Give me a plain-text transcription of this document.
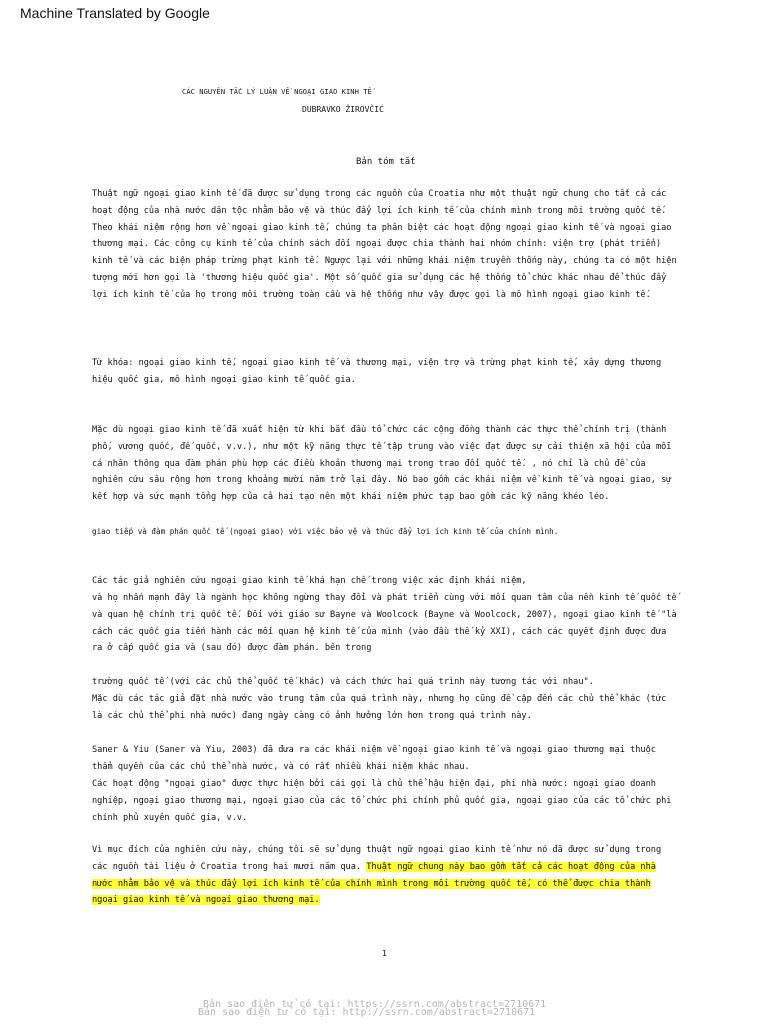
Machine Translated by Google
CÁC NGUYÊN TẮC LÝ LUẬN VỀ NGOẠI GIAO KINH TẾ
DUBRAVKO ŽIROVČIĆ
Bản tóm tắt

Thuật ngữ ngoại giao kinh tế đã được sử dụng trong các nguồn của Croatia như một thuật ngữ chung cho tất cả các hoạt động của nhà nước dân tộc nhằm bảo vệ và thúc đẩy lợi ích kinh tế của chính mình trong môi trường quốc tế. Theo khái niệm rộng hơn về ngoại giao kinh tế, chúng ta phân biệt các hoạt động ngoại giao kinh tế và ngoại giao thương mại. Các công cụ kinh tế của chính sách đối ngoại được chia thành hai nhóm chính: viện trợ (phát triển) kinh tế và các biện pháp trừng phạt kinh tế. Ngược lại với những khái niệm truyền thống này, chúng ta có một hiện tượng mới hơn gọi là 'thương hiệu quốc gia'. Một số quốc gia sử dụng các hệ thống tổ chức khác nhau để thúc đẩy lợi ích kinh tế của họ trong môi trường toàn cầu và hệ thống như vậy được gọi là mô hình ngoại giao kinh tế.

Từ khóa: ngoại giao kinh tế, ngoại giao kinh tế và thương mại, viện trợ và trừng phạt kinh tế, xây dựng thương hiệu quốc gia, mô hình ngoại giao kinh tế quốc gia.

Mặc dù ngoại giao kinh tế đã xuất hiện từ khi bắt đầu tổ chức các cộng đồng thành các thực thể chính trị (thành phố, vương quốc, đế quốc, v.v.), như một kỹ năng thực tế tập trung vào việc đạt được sự cải thiện xã hội của mỗi cá nhân thông qua đàm phán phù hợp các điều khoản thương mại trong trao đổi quốc tế. , nó chỉ là chủ đề của nghiên cứu sâu rộng hơn trong khoảng mười năm trở lại đây. Nó bao gồm các khái niệm về kinh tế và ngoại giao, sự kết hợp và sức mạnh tổng hợp của cả hai tạo nên một khái niệm phức tạp bao gồm các kỹ năng khéo léo.

giao tiếp và đàm phán quốc tế (ngoại giao) với việc bảo vệ và thúc đẩy lợi ích kinh tế của chính mình.

Các tác giả nghiên cứu ngoại giao kinh tế khá hạn chế trong việc xác định khái niệm,

và họ nhấn mạnh đây là ngành học không ngừng thay đổi và phát triển cùng với mối quan tâm của nền kinh tế quốc tế và quan hệ chính trị quốc tế. Đối với giáo sư Bayne và Woolcock (Bayne và Woolcock, 2007), ngoại giao kinh tế "là cách các quốc gia tiến hành các mối quan hệ kinh tế của mình (vào đầu thế kỷ XXI), cách các quyết định được đưa ra ở cấp quốc gia và (sau đó) được đàm phán. bên trong

trường quốc tế (với các chủ thể quốc tế khác) và cách thức hai quá trình này tương tác với nhau".

Mặc dù các tác giả đặt nhà nước vào trung tâm của quá trình này, nhưng họ cũng đề cập đến các chủ thể khác (tức là các chủ thể phi nhà nước) đang ngày càng có ảnh hưởng lớn hơn trong quá trình này.

Saner & Yiu (Saner và Yiu, 2003) đã đưa ra các khái niệm về ngoại giao kinh tế và ngoại giao thương mại thuộc thẩm quyền của các chủ thể nhà nước, và có rất nhiều khái niệm khác nhau.

Các hoạt động "ngoại giao" được thực hiện bởi cái gọi là chủ thể hậu hiện đại, phi nhà nước: ngoại giao doanh nghiệp, ngoại giao thương mại, ngoại giao của các tổ chức phi chính phủ quốc gia, ngoại giao của các tổ chức phi chính phủ xuyên quốc gia, v.v.

Vì mục đích của nghiên cứu này, chúng tôi sẽ sử dụng thuật ngữ ngoại giao kinh tế như nó đã được sử dụng trong các nguồn tài liệu ở Croatia trong hai mươi năm qua. Thuật ngữ chung này bao gồm tất cả các hoạt động của nhà nước nhằm bảo vệ và thúc đẩy lợi ích kinh tế của chính mình trong môi trường quốc tế, có thể được chia thành ngoại giao kinh tế và ngoại giao thương mại.

1
Bản sao điện tử có tại: https://ssrn.com/abstract=2710671
Bản sao điện tử có tại: http://ssrn.com/abstract=2710671
